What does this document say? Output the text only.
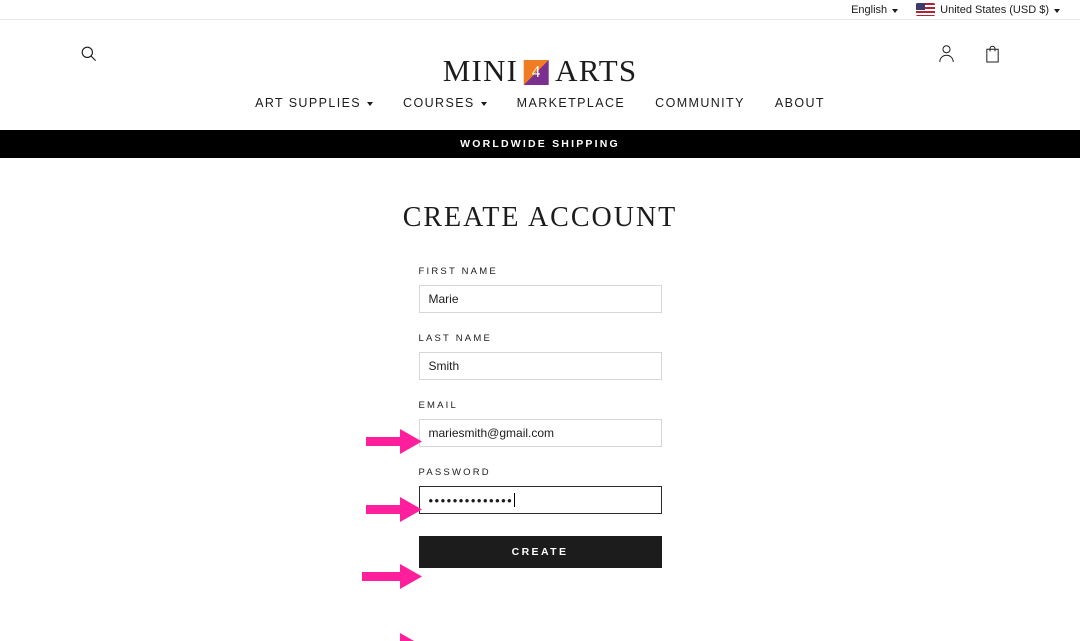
English	United States (USD $)
MINI 4 ARTS
ART SUPPLIES	COURSES	MARKETPLACE COMMUNITY ABOUT
WORLDWIDE SHIPPING
CREATE ACCOUNT
FIRST NAME
Marie
LAST NAME
Smith
EMAIL
mariesmith@gmail.com
PASSWORD
••••••••••••••
CREATE
